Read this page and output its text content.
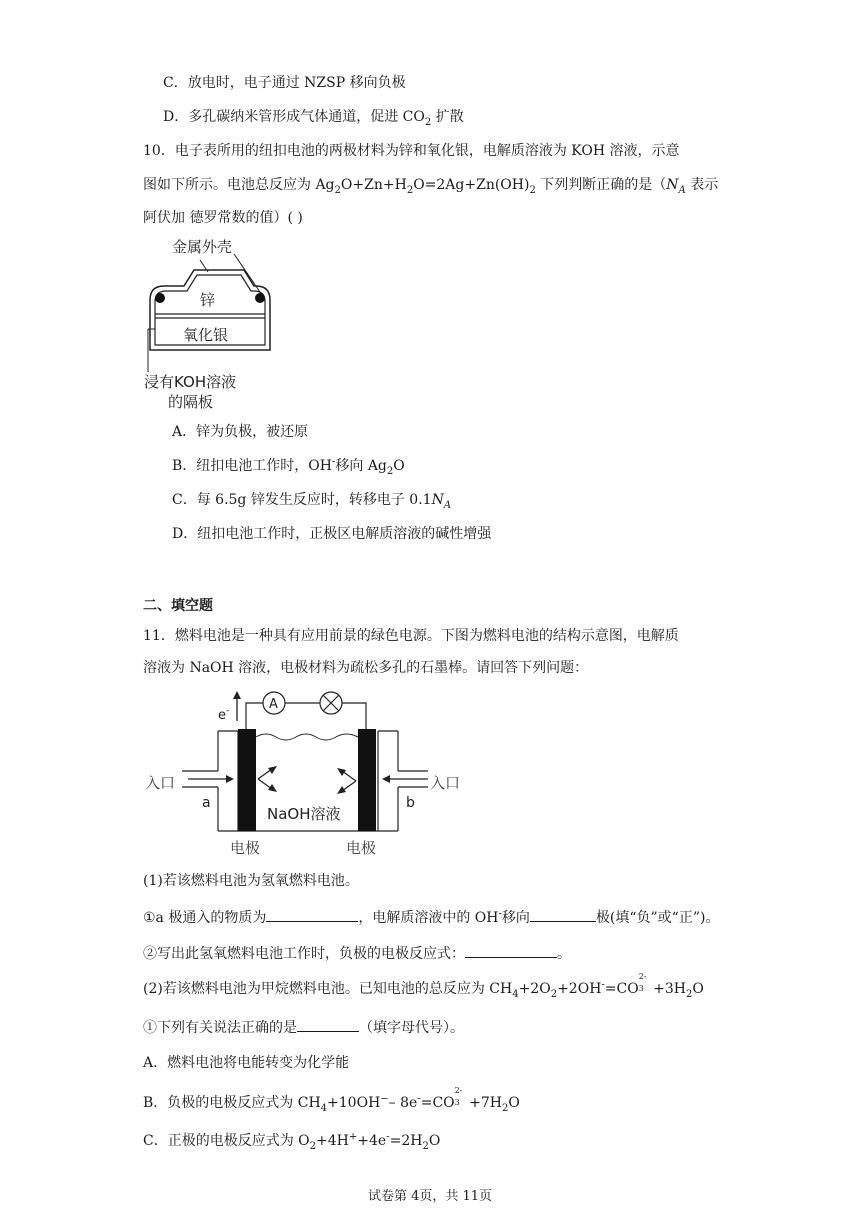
C．放电时，电子通过 NZSP 移向负极
D．多孔碳纳米管形成气体通道，促进 $CO_2$ 扩散
10．电子表所用的纽扣电池的两极材料为锌和氧化银，电解质溶液为 KOH 溶液，示意
图如下所示。电池总反应为 $Ag_2O+Zn+H_2O=2Ag+Zn(OH)_2$ 下列判断正确的是（$N_A$ 表示
阿伏加 德罗常数的值）( )
金属外壳
锌
氧化银
浸有KOH溶液
的隔板
A．锌为负极，被还原
B．纽扣电池工作时，OH-移向 $Ag_2O$
C．每 6.5g 锌发生反应时，转移电子 $0.1N_A$
D．纽扣电池工作时，正极区电解质溶液的碱性增强
二、填空题
11．燃料电池是一种具有应用前景的绿色电源。下图为燃料电池的结构示意图，电解质
溶液为 NaOH 溶液，电极材料为疏松多孔的石墨棒。请回答下列问题：
A
e-
入口	入口
a	b
NaOH溶液
电极	电极
(1)若该燃料电池为氢氧燃料电池。
①a 极通入的物质为	，电解质溶液中的 OH-移向	极(填“负”或“正”)。
②写出此氢氧燃料电池工作时，负极的电极反应式：	。
(2)若该燃料电池为甲烷燃料电池。已知电池的总反应为 $CH_4+2O_2+2OH^-=CO$
2-
$3 +3H_2O$
①下列有关说法正确的是	（填字母代号）。
A．燃料电池将电能转变为化学能
B．负极的电极反应式为 $CH_4+10OH^--$ 8e-=CO
2-
$3 +7H_2O$
C．正极的电极反应式为 $O_2+4H^++4e^-=2H_2O$
试卷第 4页，共 11页
